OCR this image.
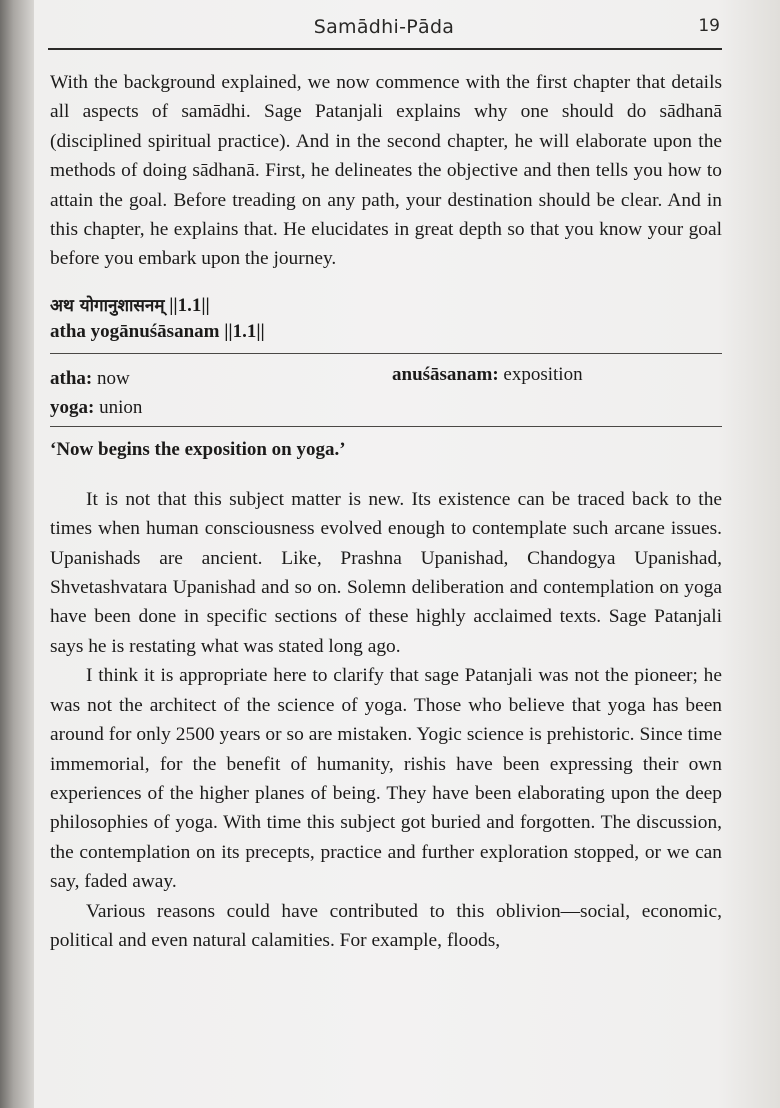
Samādhi-Pāda	19

With the background explained, we now commence with the first chapter that details all aspects of samādhi. Sage Patanjali explains why one should do sādhanā (disciplined spiritual practice). And in the second chapter, he will elaborate upon the methods of doing sādhanā. First, he delineates the objective and then tells you how to attain the goal. Before treading on any path, your destination should be clear. And in this chapter, he explains that. He elucidates in great depth so that you know your goal before you embark upon the journey.

अथ योगानुशासनम् ||1.1||
atha yogānuśāsanam ||1.1||
atha: now
yoga: union
anuśāsanam: exposition
‘Now begins the exposition on yoga.’

It is not that this subject matter is new. Its existence can be traced back to the times when human consciousness evolved enough to contemplate such arcane issues. Upanishads are ancient. Like, Prashna Upanishad, Chandogya Upanishad, Shvetashvatara Upanishad and so on. Solemn deliberation and contemplation on yoga have been done in specific sections of these highly acclaimed texts. Sage Patanjali says he is restating what was stated long ago.

I think it is appropriate here to clarify that sage Patanjali was not the pioneer; he was not the architect of the science of yoga. Those who believe that yoga has been around for only 2500 years or so are mistaken. Yogic science is prehistoric. Since time immemorial, for the benefit of humanity, rishis have been expressing their own experiences of the higher planes of being. They have been elaborating upon the deep philosophies of yoga. With time this subject got buried and forgotten. The discussion, the contemplation on its precepts, practice and further exploration stopped, or we can say, faded away.

Various reasons could have contributed to this oblivion—social, economic, political and even natural calamities. For example, floods,
